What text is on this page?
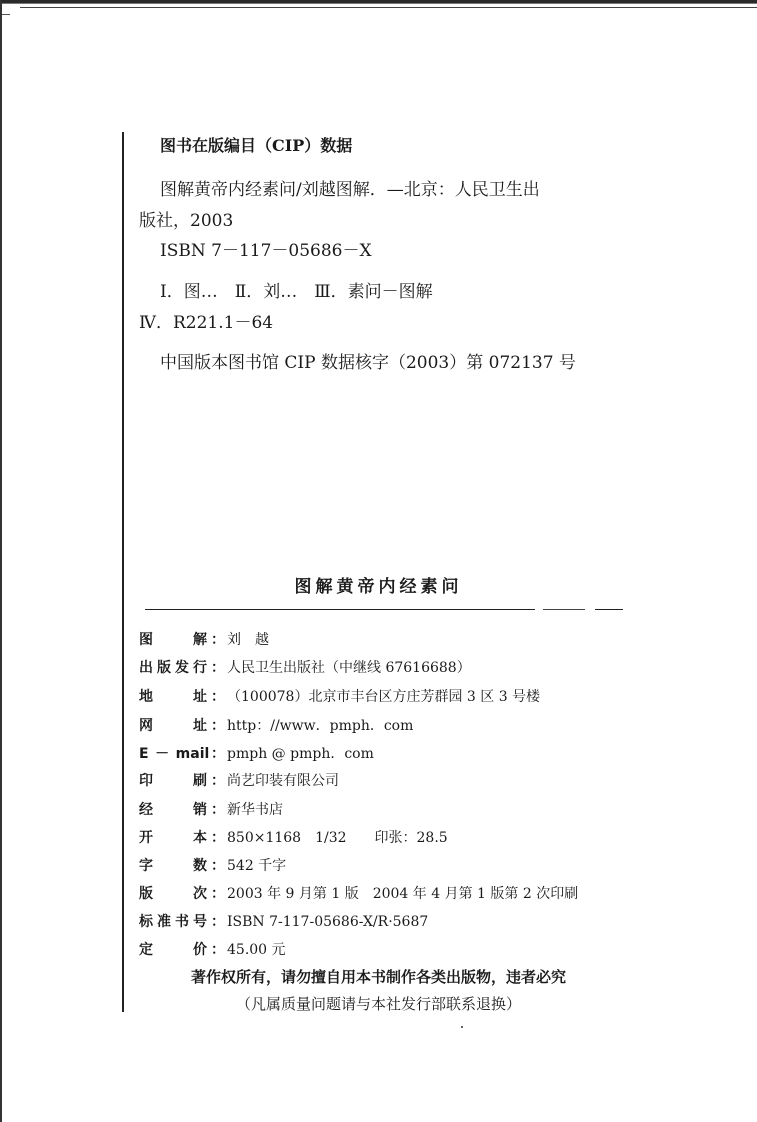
图书在版编目（CIP）数据
图解黄帝内经素问/刘越图解．—北京：人民卫生出
版社，2003
ISBN 7－117－05686－X
Ⅰ．图…　Ⅱ．刘…　Ⅲ．素问－图解
Ⅳ．R221.1－64
中国版本图书馆 CIP 数据核字（2003）第 072137 号
图解黄帝内经素问
图　　解： 刘　越
出版发行： 人民卫生出版社（中继线 67616688）
地　　址： （100078）北京市丰台区方庄芳群园 3 区 3 号楼
网　　址： http：//www．pmph．com
E － mail： pmph @ pmph．com
印　　刷： 尚艺印装有限公司
经　　销： 新华书店
开　　本： 850×1168　1/32　　印张：28.5
字　　数： 542 千字
版　　次： 2003 年 9 月第 1 版　2004 年 4 月第 1 版第 2 次印刷
标准书号： ISBN 7-117-05686-X/R·5687
定　　价： 45.00 元
著作权所有，请勿擅自用本书制作各类出版物，违者必究
（凡属质量问题请与本社发行部联系退换）
